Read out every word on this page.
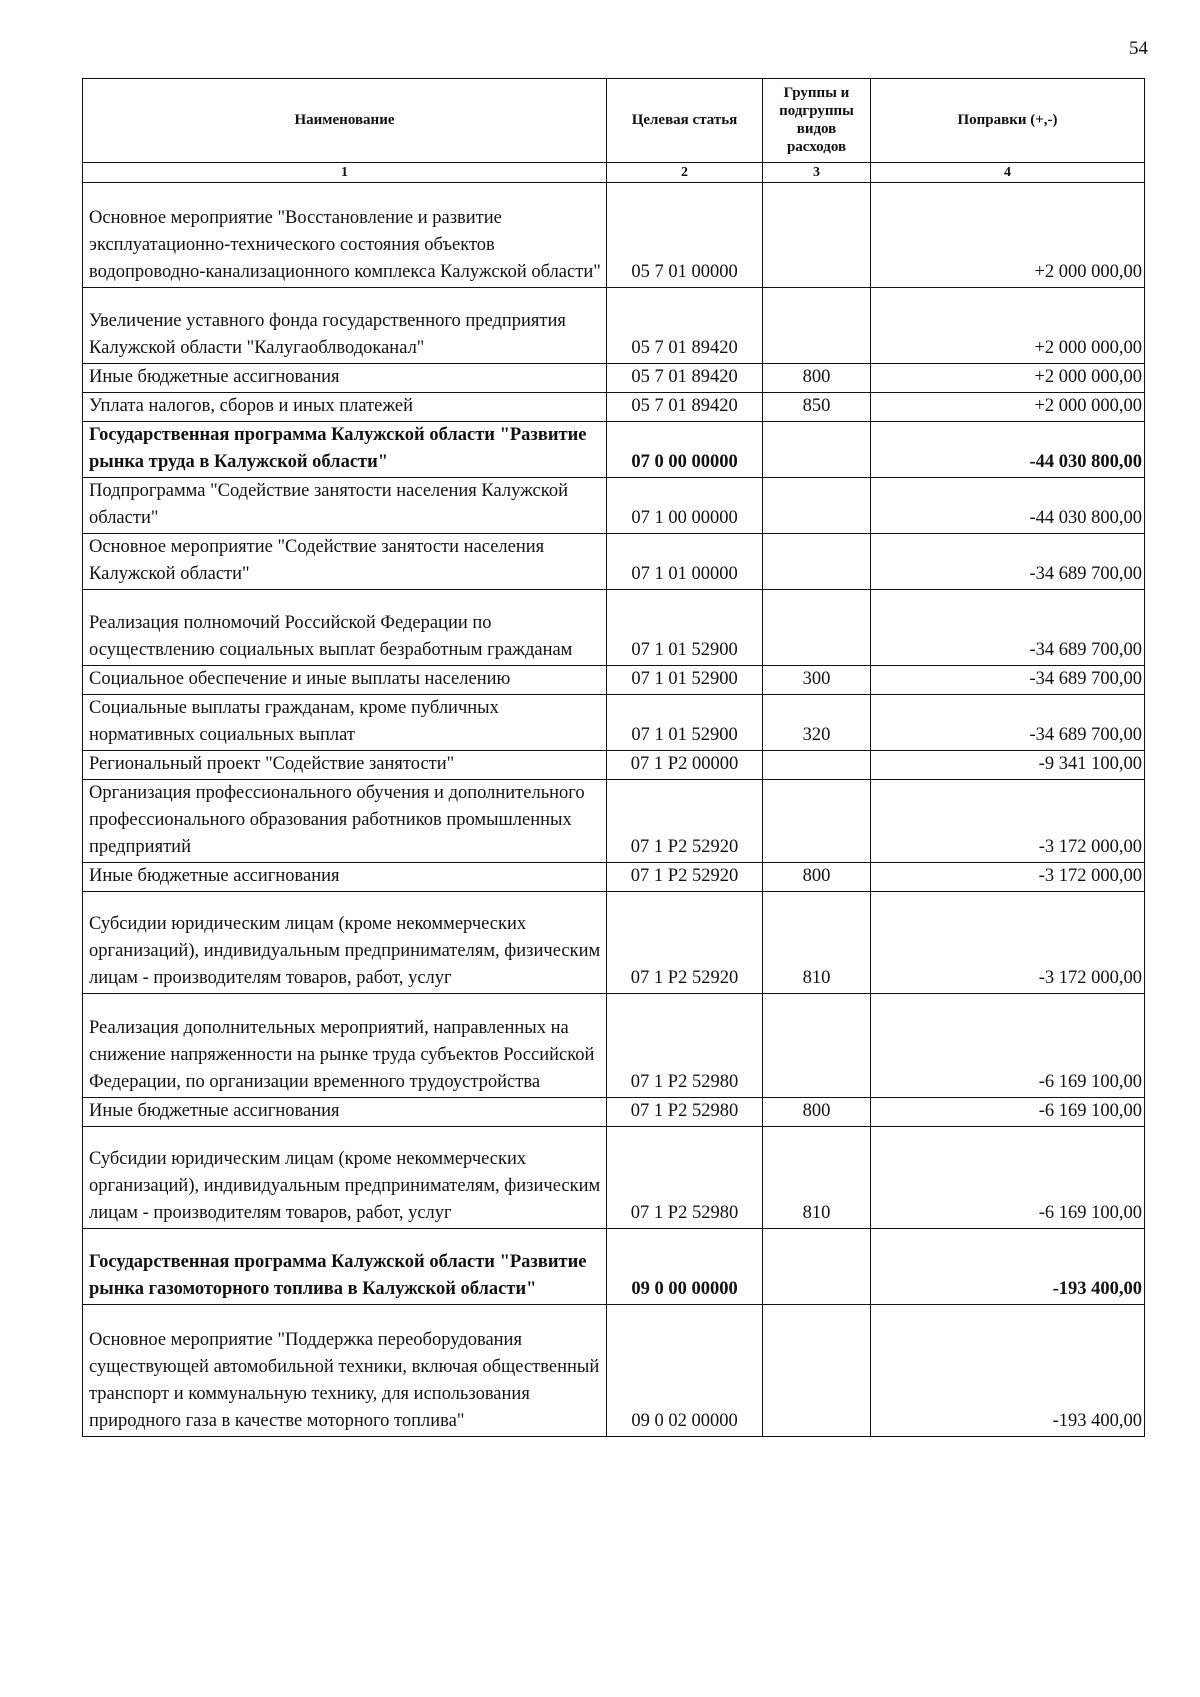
54
Наименование	Целевая статья	Группы и подгруппы видов расходов	Поправки (+,-)
1	2	3	4
Основное мероприятие "Восстановление и развитие эксплуатационно-технического состояния объектов водопроводно-канализационного комплекса Калужской области"	05 7 01 00000		+2 000 000,00
Увеличение уставного фонда государственного предприятия Калужской области "Калугаоблводоканал"	05 7 01 89420		+2 000 000,00
Иные бюджетные ассигнования	05 7 01 89420	800	+2 000 000,00
Уплата налогов, сборов и иных платежей	05 7 01 89420	850	+2 000 000,00
Государственная программа Калужской области "Развитие рынка труда в Калужской области"	07 0 00 00000		-44 030 800,00
Подпрограмма "Содействие занятости населения Калужской области"	07 1 00 00000		-44 030 800,00
Основное мероприятие "Содействие занятости населения Калужской области"	07 1 01 00000		-34 689 700,00
Реализация полномочий Российской Федерации по осуществлению социальных выплат безработным гражданам	07 1 01 52900		-34 689 700,00
Социальное обеспечение и иные выплаты населению	07 1 01 52900	300	-34 689 700,00
Социальные выплаты гражданам, кроме публичных нормативных социальных выплат	07 1 01 52900	320	-34 689 700,00
Региональный проект "Содействие занятости"	07 1 P2 00000		-9 341 100,00
Организация профессионального обучения и дополнительного профессионального образования работников промышленных предприятий	07 1 P2 52920		-3 172 000,00
Иные бюджетные ассигнования	07 1 P2 52920	800	-3 172 000,00
Субсидии юридическим лицам (кроме некоммерческих организаций), индивидуальным предпринимателям, физическим лицам - производителям товаров, работ, услуг	07 1 P2 52920	810	-3 172 000,00
Реализация дополнительных мероприятий, направленных на снижение напряженности на рынке труда субъектов Российской Федерации, по организации временного трудоустройства	07 1 P2 52980		-6 169 100,00
Иные бюджетные ассигнования	07 1 P2 52980	800	-6 169 100,00
Субсидии юридическим лицам (кроме некоммерческих организаций), индивидуальным предпринимателям, физическим лицам - производителям товаров, работ, услуг	07 1 P2 52980	810	-6 169 100,00
Государственная программа Калужской области "Развитие рынка газомоторного топлива в Калужской области"	09 0 00 00000		-193 400,00
Основное мероприятие "Поддержка переоборудования существующей автомобильной техники, включая общественный транспорт и коммунальную технику, для использования природного газа в качестве моторного топлива"	09 0 02 00000		-193 400,00
